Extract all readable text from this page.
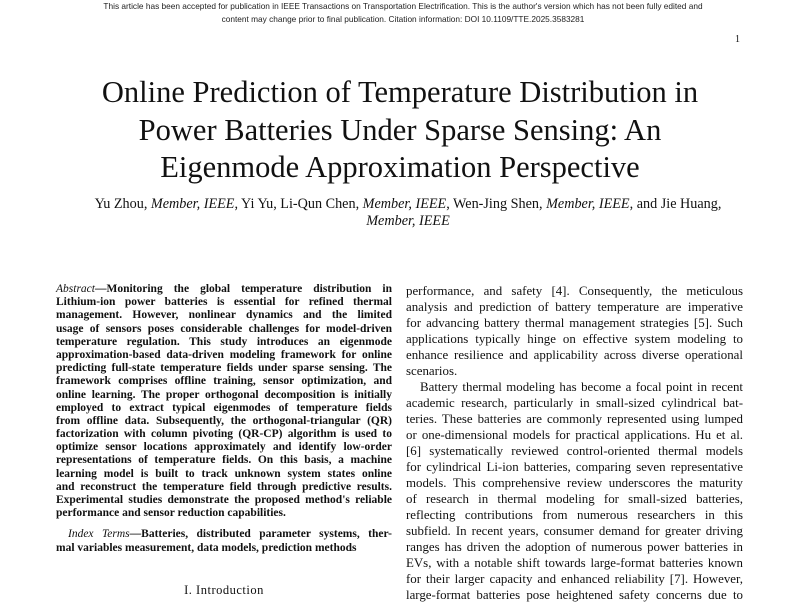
This article has been accepted for publication in IEEE Transactions on Transportation Electrification. This is the author's version which has not been fully edited and
content may change prior to final publication. Citation information: DOI 10.1109/TTE.2025.3583281
1
Online Prediction of Temperature Distribution in
Power Batteries Under Sparse Sensing: An
Eigenmode Approximation Perspective
Yu Zhou, Member, IEEE, Yi Yu, Li-Qun Chen, Member, IEEE, Wen-Jing Shen, Member, IEEE, and Jie Huang,
Member, IEEE
Abstract—Monitoring the global temperature distribution in
Lithium-ion power batteries is essential for refined thermal
management. However, nonlinear dynamics and the limited
usage of sensors poses considerable challenges for model-driven
temperature regulation. This study introduces an eigenmode
approximation-based data-driven modeling framework for online
predicting full-state temperature fields under sparse sensing. The
framework comprises offline training, sensor optimization, and
online learning. The proper orthogonal decomposition is initially
employed to extract typical eigenmodes of temperature fields
from offline data. Subsequently, the orthogonal-triangular (QR)
factorization with column pivoting (QR-CP) algorithm is used to
optimize sensor locations approximately and identify low-order
representations of temperature fields. On this basis, a machine
learning model is built to track unknown system states online
and reconstruct the temperature field through predictive results.
Experimental studies demonstrate the proposed method's reliable
performance and sensor reduction capabilities.
Index Terms—Batteries, distributed parameter systems, ther-
mal variables measurement, data models, prediction methods
I. Introduction
performance, and safety [4]. Consequently, the meticulous
analysis and prediction of battery temperature are imperative
for advancing battery thermal management strategies [5]. Such
applications typically hinge on effective system modeling to
enhance resilience and applicability across diverse operational
scenarios.
Battery thermal modeling has become a focal point in recent
academic research, particularly in small-sized cylindrical bat-
teries. These batteries are commonly represented using lumped
or one-dimensional models for practical applications. Hu et al.
[6] systematically reviewed control-oriented thermal models
for cylindrical Li-ion batteries, comparing seven representative
models. This comprehensive review underscores the maturity
of research in thermal modeling for small-sized batteries,
reflecting contributions from numerous researchers in this
subfield. In recent years, consumer demand for greater driving
ranges has driven the adoption of numerous power batteries in
EVs, with a notable shift towards large-format batteries known
for their larger capacity and enhanced reliability [7]. However,
large-format batteries pose heightened safety concerns due to
